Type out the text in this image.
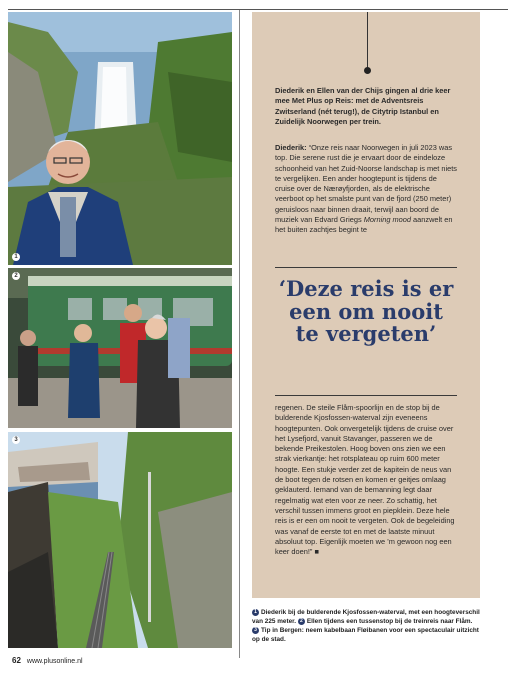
1
2
3
Diederik en Ellen van der Chijs gingen al drie keer mee Met Plus op Reis: met de Adventsreis Zwitserland (nét terug!), de Citytrip Istanbul en Zuidelijk Noorwegen per trein.
Diederik: “Onze reis naar Noorwegen in juli 2023 was top. Die serene rust die je ervaart door de eindeloze schoonheid van het Zuid-Noorse landschap is met niets te vergelijken. Een ander hoogtepunt is tijdens de cruise over de Nærøyfjorden, als de elektrische veerboot op het smalste punt van de fjord (250 meter) geruisloos naar binnen draait, terwijl aan boord de muziek van Edvard Griegs Morning mood aanzwelt en het buiten zachtjes begint te
‘Deze reis is er een om nooit te vergeten’
regenen. De steile Flåm-spoorlijn en de stop bij de bulderende Kjosfossen-waterval zijn eveneens hoogtepunten. Ook onvergetelijk tijdens de cruise over het Lysefjord, vanuit Stavanger, passeren we de bekende Preikestolen. Hoog boven ons zien we een strak vierkantje: het rotsplateau op ruim 600 meter hoogte. Een stukje verder zet de kapitein de neus van de boot tegen de rotsen en komen er geitjes omlaag geklauterd. Iemand van de bemanning legt daar regelmatig wat eten voor ze neer. Zo schattig, het verschil tussen immens groot en piepklein. Deze hele reis is er een om nooit te vergeten. Ook de begeleiding was vanaf de eerste tot en met de laatste minuut absoluut top. Eigenlijk moeten we ’m gewoon nog een keer doen!” ■
1 Diederik bij de bulderende Kjosfossen-waterval, met een hoogteverschil van 225 meter. 2 Ellen tijdens een tussenstop bij de treinreis naar Flåm. 3 Tip in Bergen: neem kabelbaan Fløibanen voor een spectaculair uitzicht op de stad.
62 www.plusonline.nl
